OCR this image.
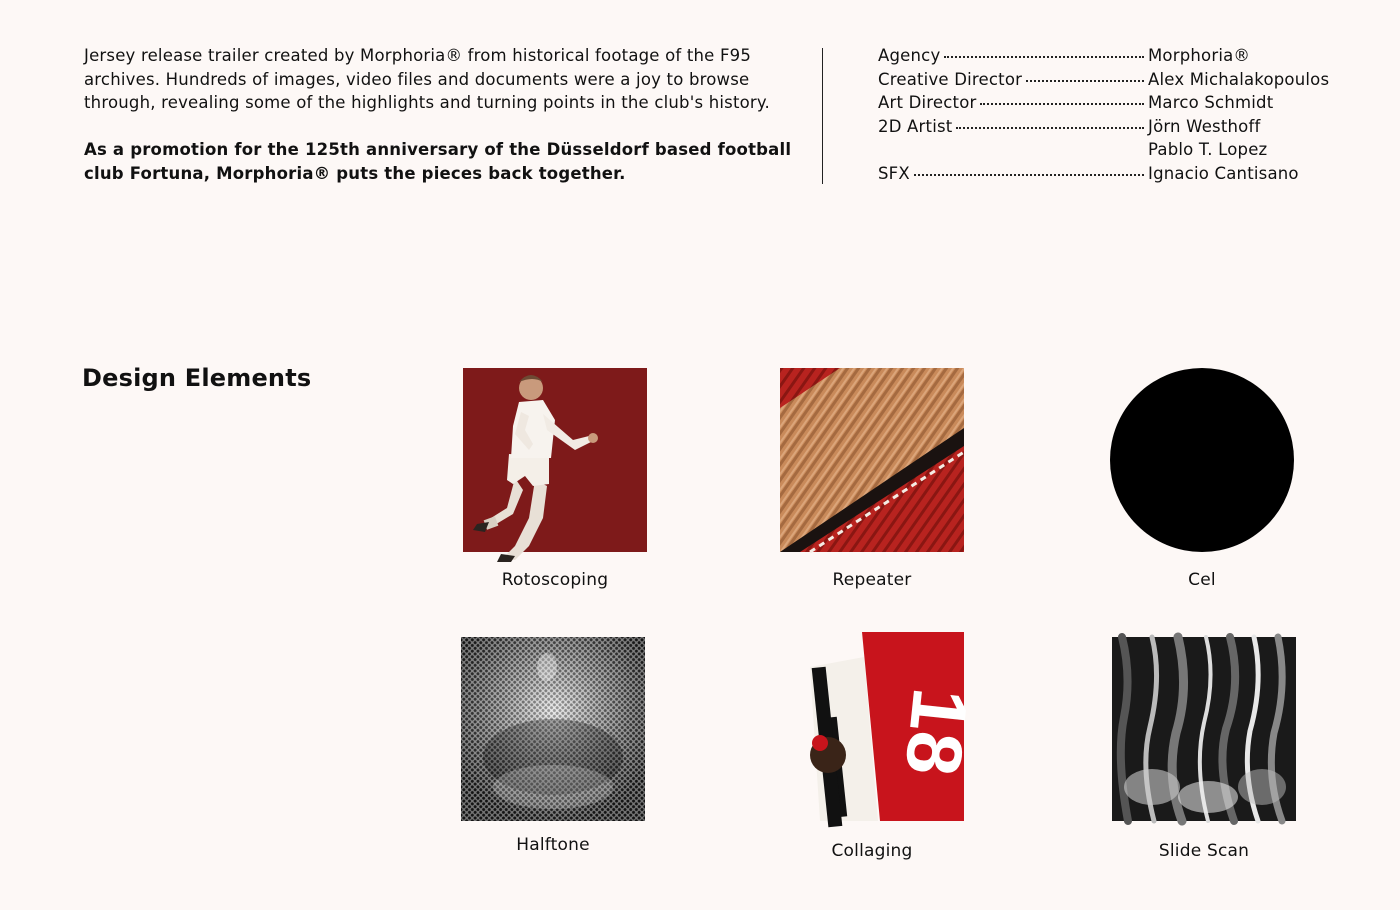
Jersey release trailer created by Morphoria® from historical footage of the F95 archives. Hundreds of images, video files and documents were a joy to browse through, revealing some of the highlights and turning points in the club's history.

As a promotion for the 125th anniversary of the Düsseldorf based football club Fortuna, Morphoria® puts the pieces back together.

Agency	Morphoria®
Creative Director	Alex Michalakopoulos
Art Director	Marco Schmidt
2D Artist	Jörn Westhoff
Pablo T. Lopez
SFX	Ignacio Cantisano
Design Elements
Rotoscoping	Repeater	Cel
Halftone
18
Collaging	Slide Scan
